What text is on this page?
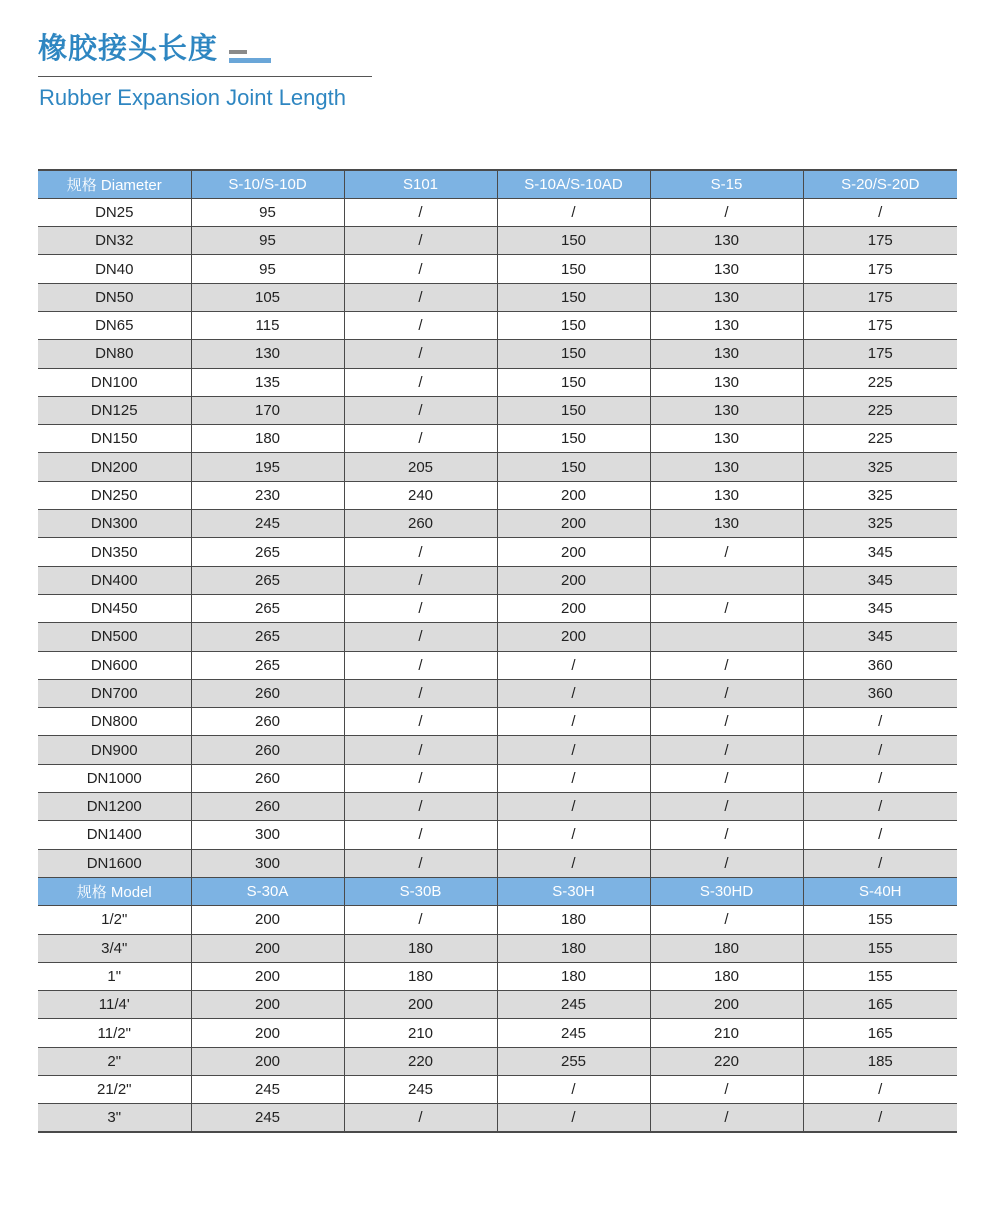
橡胶接头长度
Rubber Expansion Joint Length
规格 Diameter	S-10/S-10D	S101	S-10A/S-10AD	S-15	S-20/S-20D
DN25	95	/	/	/	/
DN32	95	/	150	130	175
DN40	95	/	150	130	175
DN50	105	/	150	130	175
DN65	115	/	150	130	175
DN80	130	/	150	130	175
DN100	135	/	150	130	225
DN125	170	/	150	130	225
DN150	180	/	150	130	225
DN200	195	205	150	130	325
DN250	230	240	200	130	325
DN300	245	260	200	130	325
DN350	265	/	200	/	345
DN400	265	/	200		345
DN450	265	/	200	/	345
DN500	265	/	200		345
DN600	265	/	/	/	360
DN700	260	/	/	/	360
DN800	260	/	/	/	/
DN900	260	/	/	/	/
DN1000	260	/	/	/	/
DN1200	260	/	/	/	/
DN1400	300	/	/	/	/
DN1600	300	/	/	/	/
规格 Model	S-30A	S-30B	S-30H	S-30HD	S-40H
1/2"	200	/	180	/	155
3/4"	200	180	180	180	155
1"	200	180	180	180	155
11/4'	200	200	245	200	165
11/2"	200	210	245	210	165
2"	200	220	255	220	185
21/2"	245	245	/	/	/
3"	245	/	/	/	/
